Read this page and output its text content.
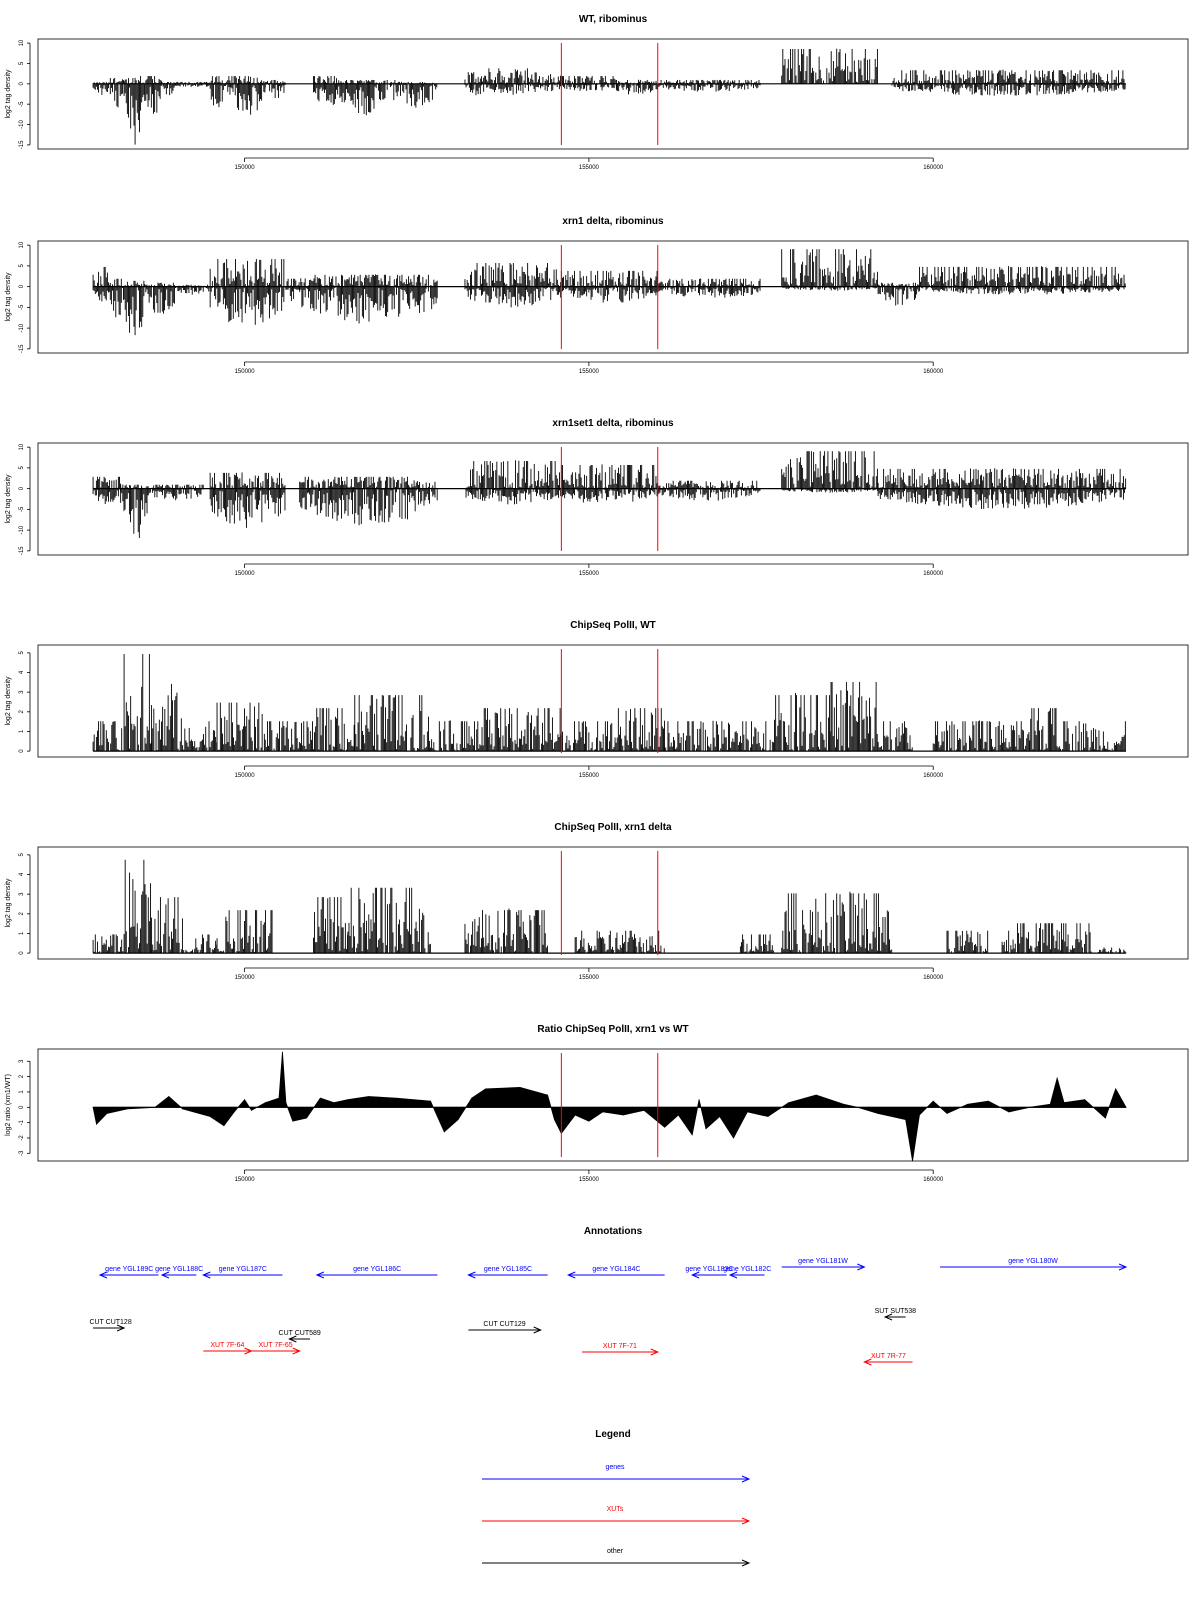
WT, ribominus
log2 tag density
10
5
0
-5
-10
-15
150000	155000	160000
xrn1 delta, ribominus
log2 tag density
10
5
0
-5
-10
-15
150000	155000	160000
xrn1set1 delta, ribominus
log2 tag density
10
5
0
-5
-10
-15
150000	155000	160000
ChipSeq PolII, WT
log2 tag density
0
1
2
3
4
5
150000	155000	160000
ChipSeq PolII, xrn1 delta
log2 tag density
0
1
2
3
4
5
150000	155000	160000
Ratio ChipSeq PolII, xrn1 vs WT
log2 ratio (xrn1/WT)
3
2
1
0
-1
-2
-3
150000	155000	160000
Annotations
gene YGL189C gene YGL188C gene YGL187C	gene YGL186C	gene YGL185C	gene YGL184C	gene YGL183C
gene YGL182C
gene YGL181W	gene YGL180W
CUT CUT128
CUT CUT589
CUT CUT129
SUT SUT538
XUT 7F-64 XUT 7F-65	XUT 7F-71
XUT 7R-77
Legend
genes
XUTs
other
